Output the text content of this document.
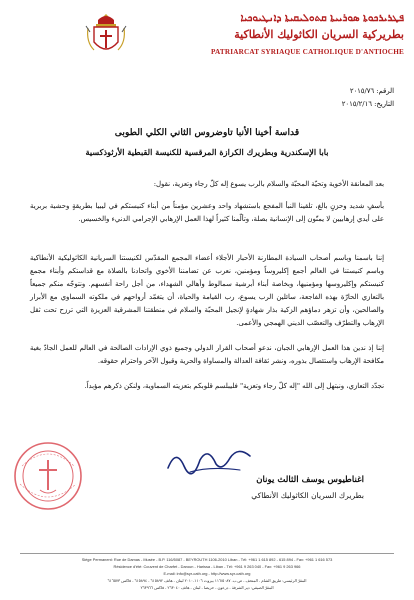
ܦܛܪܝܪܟܘܬܐ ܣܘܪܝܝܬܐ ܩܬܘܠܝܩܝܬܐ ܕܐܢܛܝܘܟܝܐ
بطريركية السريان الكاثوليك الأنطاكية
PATRIARCAT SYRIAQUE CATHOLIQUE D'ANTIOCHE
الرقم: ٢٠١٥/٧٦
التاريخ: ٢٠١٥/٢/١٦
قداسة أخينا الأنبا تاوضروس الثاني الكلي الطوبى
بابا الإسكندرية وبطريرك الكرازة المرقسية للكنيسة القبطية الأرثوذكسية
بعد المعانقة الأخوية وتحيّة المحبّة والسلام بالرب يسوع إله كلّ رجاء وتعزية، نقول:
بأسفٍ شديد وحزنٍ بالغ، تلقينا النبأ المفجع باستشهاد واحد وعشرين مؤمناً من أبناء كنيستكم في ليبيا بطريقةٍ وحشية بربرية على أيدي إرهابيين لا يمتّون إلى الإنسانية بصلة، وتألّمنا كثيراً لهذا العمل الإرهابي الإجرامي الدنيء والخسيس.
إننا باسمنا وباسم أصحاب السيادة المطارنة الأحبار الأجلاء أعضاء المجمع المقدّس لكنيستنا السريانية الكاثوليكية الأنطاكية وباسم كنيستنا في العالم أجمع إكليروساً ومؤمنين، نعرب عن تضامننا الأخوي واتحادنا بالصلاة مع قداستكم وأبناء مجمع كنيستكم وإكليروسها ومؤمنيها، وبخاصة أبناء أبرشية سمالوط وأهالي الشهداء، من أجل راحة أنفسهم. ونتوجّه منكم جميعاً بالتعازي الحارّة بهذه الفاجعة، سائلين الرب يسوع، رب القيامة والحياة، أن يتغمّد أرواحهم في ملكوته السماوي مع الأبرار والصالحين، وأن تزهر دماؤهم الزكية بذار شهادةٍ لإنجيل المحبّة والسلام في منطقتنا المشرقية العزيزة التي ترزح تحت ثقل الإرهاب والتطرّف والتعصّب الديني الهمجي والأعمى.
إننا إذ ندين هذا العمل الإرهابي الجبان، ندعو أصحاب القرار الدولي وجميع ذوي الإرادات الصالحة في العالم للعمل الجادّ بغية مكافحة الإرهاب واستئصال بذوره، ونشر ثقافة العدالة والمساواة والحرية وقبول الآخر واحترام حقوقه.
نجدّد التعازي، ونبتهل إلى الله "إله كلّ رجاء وتعزية" فليبلسم قلوبكم بتعزيته السماوية، ولنكن ذكرهم مؤبداً.
اغناطيوس يوسف الثالث يونان
بطريرك السريان الكاثوليك الأنطاكي
Siège Permanent: Rue de Damas - Musée - B.P. 116/5087 - BEYROUTH 1106-2010 Liban - Tél: +961 1 615 892 - 615 894 - Fax: +961 1 616 573
Résidence d'été: Couvent de Charfet - Daroun - Harissa - Liban - Tél: +961 9 263 040 - Fax: +961 9 263 966
E-mail: info@syr-cath.org - http://www.syr-cath.org
المقرّ الرئيسي: طريق الشام - المتحف - ص.ب. ١١٦/٥٠٨٧ بيروت ١١٠٦-٢٠١٠ لبنان - هاتف ٦١٥٨٩٢ - ٦١٥٨٩٤ - فاكس ٦١٦٥٧٣
المقرّ الصيفي: دير الشرفة - درعون - حريصا - لبنان - هاتف ٢٦٣٠٤٠ - فاكس ٢٦٣٩٦٦
